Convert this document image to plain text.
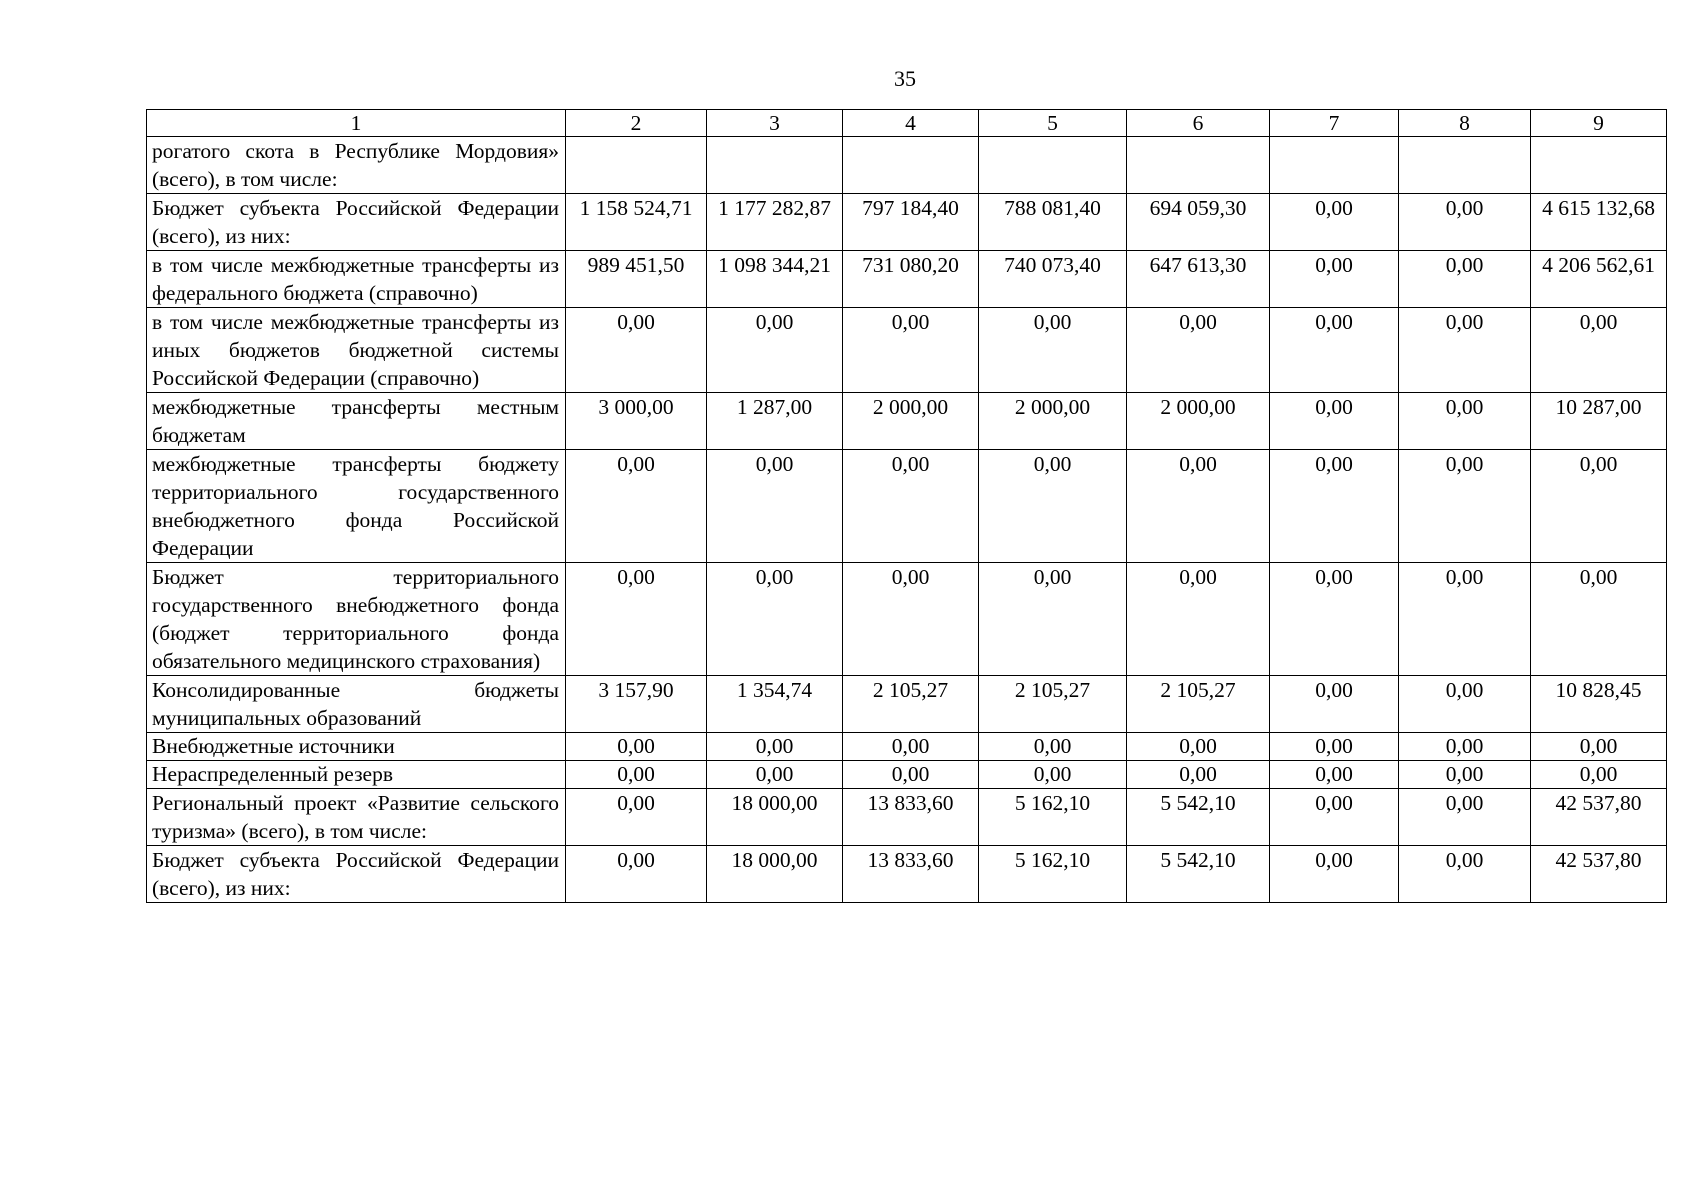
35
1	2	3	4	5	6	7	8	9
рогатого скота в Республике Мордовия» (всего), в том числе:								
Бюджет субъекта Российской Федерации (всего), из них:	1 158 524,71	1 177 282,87	797 184,40	788 081,40	694 059,30	0,00	0,00	4 615 132,68
в том числе межбюджетные трансферты из федерального бюджета (справочно)	989 451,50	1 098 344,21	731 080,20	740 073,40	647 613,30	0,00	0,00	4 206 562,61
в том числе межбюджетные трансферты из иных бюджетов бюджетной системы Российской Федерации (справочно)	0,00	0,00	0,00	0,00	0,00	0,00	0,00	0,00
межбюджетные трансферты местным бюджетам	3 000,00	1 287,00	2 000,00	2 000,00	2 000,00	0,00	0,00	10 287,00
межбюджетные трансферты бюджету территориального государственного внебюджетного фонда Российской Федерации	0,00	0,00	0,00	0,00	0,00	0,00	0,00	0,00
Бюджет территориального государственного внебюджетного фонда (бюджет территориального фонда обязательного медицинского страхования)	0,00	0,00	0,00	0,00	0,00	0,00	0,00	0,00
Консолидированные бюджеты муниципальных образований	3 157,90	1 354,74	2 105,27	2 105,27	2 105,27	0,00	0,00	10 828,45
Внебюджетные источники	0,00	0,00	0,00	0,00	0,00	0,00	0,00	0,00
Нераспределенный резерв	0,00	0,00	0,00	0,00	0,00	0,00	0,00	0,00
Региональный проект «Развитие сельского туризма» (всего), в том числе:	0,00	18 000,00	13 833,60	5 162,10	5 542,10	0,00	0,00	42 537,80
Бюджет субъекта Российской Федерации (всего), из них:	0,00	18 000,00	13 833,60	5 162,10	5 542,10	0,00	0,00	42 537,80
